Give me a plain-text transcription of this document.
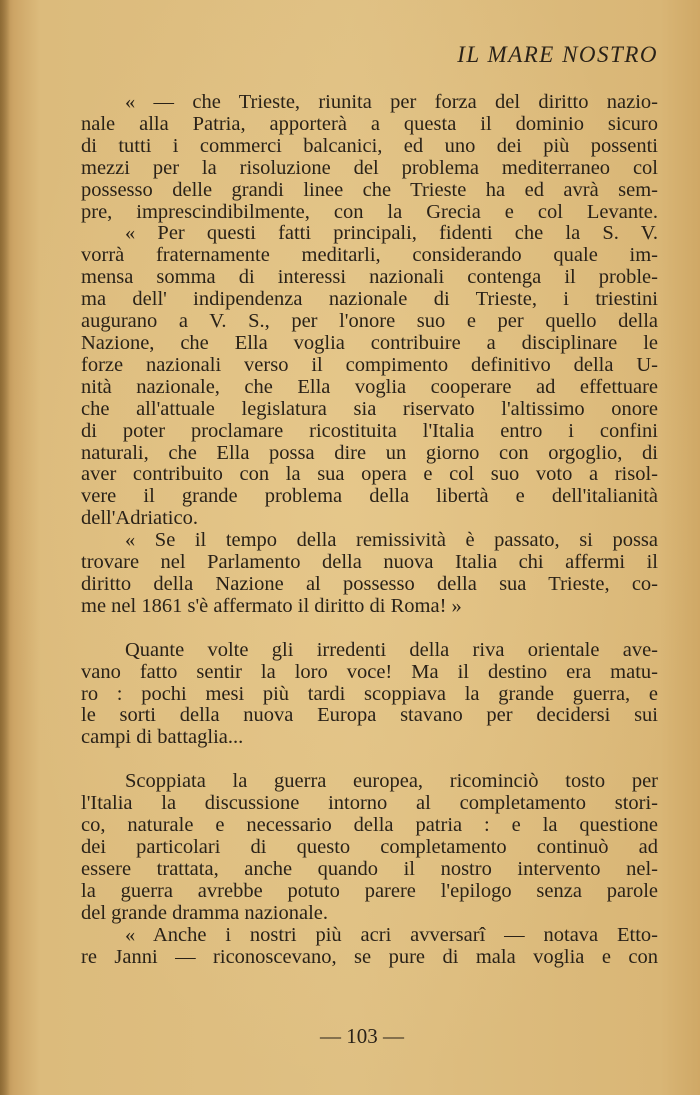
IL MARE NOSTRO

« — che Trieste, riunita per forza del diritto nazio-

nale alla Patria, apporterà a questa il dominio sicuro

di tutti i commerci balcanici, ed uno dei più possenti

mezzi per la risoluzione del problema mediterraneo col

possesso delle grandi linee che Trieste ha ed avrà sem-

pre, imprescindibilmente, con la Grecia e col Levante.

« Per questi fatti principali, fidenti che la S. V.

vorrà fraternamente meditarli, considerando quale im-

mensa somma di interessi nazionali contenga il proble-

ma dell' indipendenza nazionale di Trieste, i triestini

augurano a V. S., per l'onore suo e per quello della

Nazione, che Ella voglia contribuire a disciplinare le

forze nazionali verso il compimento definitivo della U-

nità nazionale, che Ella voglia cooperare ad effettuare

che all'attuale legislatura sia riservato l'altissimo onore

di poter proclamare ricostituita l'Italia entro i confini

naturali, che Ella possa dire un giorno con orgoglio, di

aver contribuito con la sua opera e col suo voto a risol-

vere il grande problema della libertà e dell'italianità

dell'Adriatico.

« Se il tempo della remissività è passato, si possa

trovare nel Parlamento della nuova Italia chi affermi il

diritto della Nazione al possesso della sua Trieste, co-

me nel 1861 s'è affermato il diritto di Roma! »

Quante volte gli irredenti della riva orientale ave-

vano fatto sentir la loro voce! Ma il destino era matu-

ro : pochi mesi più tardi scoppiava la grande guerra, e

le sorti della nuova Europa stavano per decidersi sui

campi di battaglia...

Scoppiata la guerra europea, ricominciò tosto per

l'Italia la discussione intorno al completamento stori-

co, naturale e necessario della patria : e la questione

dei particolari di questo completamento continuò ad

essere trattata, anche quando il nostro intervento nel-

la guerra avrebbe potuto parere l'epilogo senza parole

del grande dramma nazionale.

« Anche i nostri più acri avversarî — notava Etto-

re Janni — riconoscevano, se pure di mala voglia e con

— 103 —
